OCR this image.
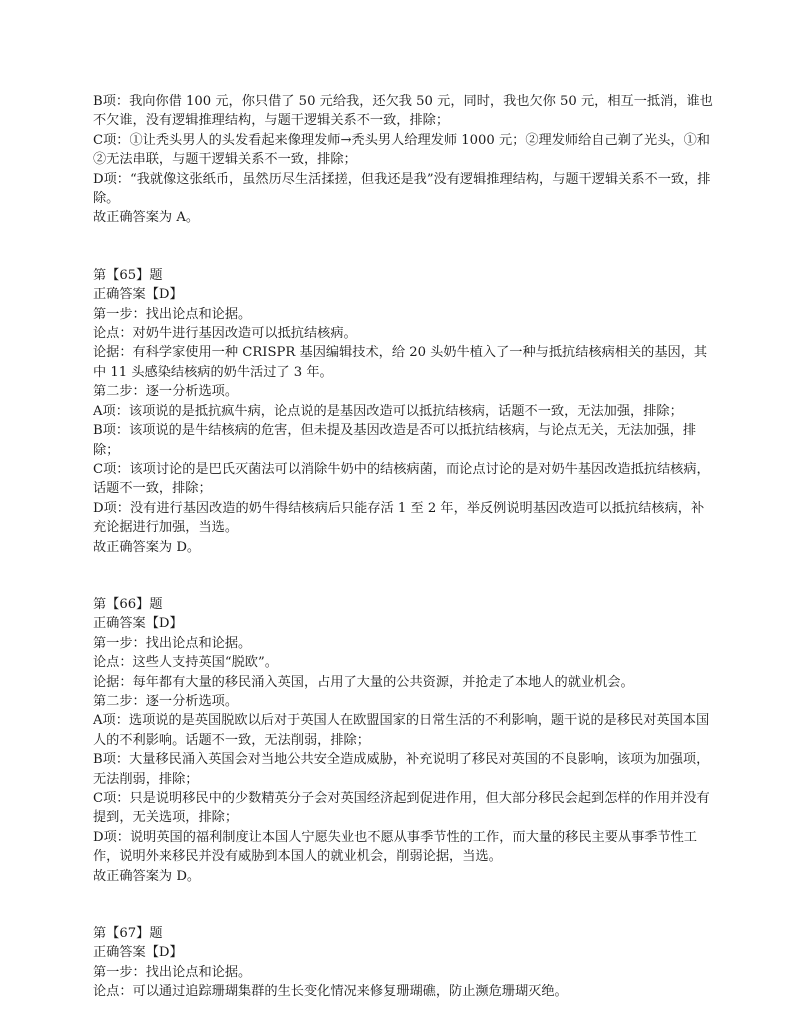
B项：我向你借 100 元，你只借了 50 元给我，还欠我 50 元，同时，我也欠你 50 元，相互一抵消，谁也不欠谁，没有逻辑推理结构，与题干逻辑关系不一致，排除；

C项：①让秃头男人的头发看起来像理发师→秃头男人给理发师 1000 元；②理发师给自己剃了光头，①和②无法串联，与题干逻辑关系不一致，排除；

D项：“我就像这张纸币，虽然历尽生活揉搓，但我还是我”没有逻辑推理结构，与题干逻辑关系不一致，排除。

故正确答案为 A。

第【65】题

正确答案【D】

第一步：找出论点和论据。

论点：对奶牛进行基因改造可以抵抗结核病。

论据：有科学家使用一种 CRISPR 基因编辑技术，给 20 头奶牛植入了一种与抵抗结核病相关的基因，其中 11 头感染结核病的奶牛活过了 3 年。

第二步：逐一分析选项。

A项：该项说的是抵抗疯牛病，论点说的是基因改造可以抵抗结核病，话题不一致，无法加强，排除；

B项：该项说的是牛结核病的危害，但未提及基因改造是否可以抵抗结核病，与论点无关，无法加强，排除；

C项：该项讨论的是巴氏灭菌法可以消除牛奶中的结核病菌，而论点讨论的是对奶牛基因改造抵抗结核病，话题不一致，排除；

D项：没有进行基因改造的奶牛得结核病后只能存活 1 至 2 年，举反例说明基因改造可以抵抗结核病，补充论据进行加强，当选。

故正确答案为 D。

第【66】题

正确答案【D】

第一步：找出论点和论据。

论点：这些人支持英国“脱欧”。

论据：每年都有大量的移民涌入英国，占用了大量的公共资源，并抢走了本地人的就业机会。

第二步：逐一分析选项。

A项：选项说的是英国脱欧以后对于英国人在欧盟国家的日常生活的不利影响，题干说的是移民对英国本国人的不利影响。话题不一致，无法削弱，排除；

B项：大量移民涌入英国会对当地公共安全造成威胁，补充说明了移民对英国的不良影响，该项为加强项，无法削弱，排除；

C项：只是说明移民中的少数精英分子会对英国经济起到促进作用，但大部分移民会起到怎样的作用并没有提到，无关选项，排除；

D项：说明英国的福利制度让本国人宁愿失业也不愿从事季节性的工作，而大量的移民主要从事季节性工作，说明外来移民并没有威胁到本国人的就业机会，削弱论据，当选。

故正确答案为 D。

第【67】题

正确答案【D】

第一步：找出论点和论据。

论点：可以通过追踪珊瑚集群的生长变化情况来修复珊瑚礁，防止濒危珊瑚灭绝。
